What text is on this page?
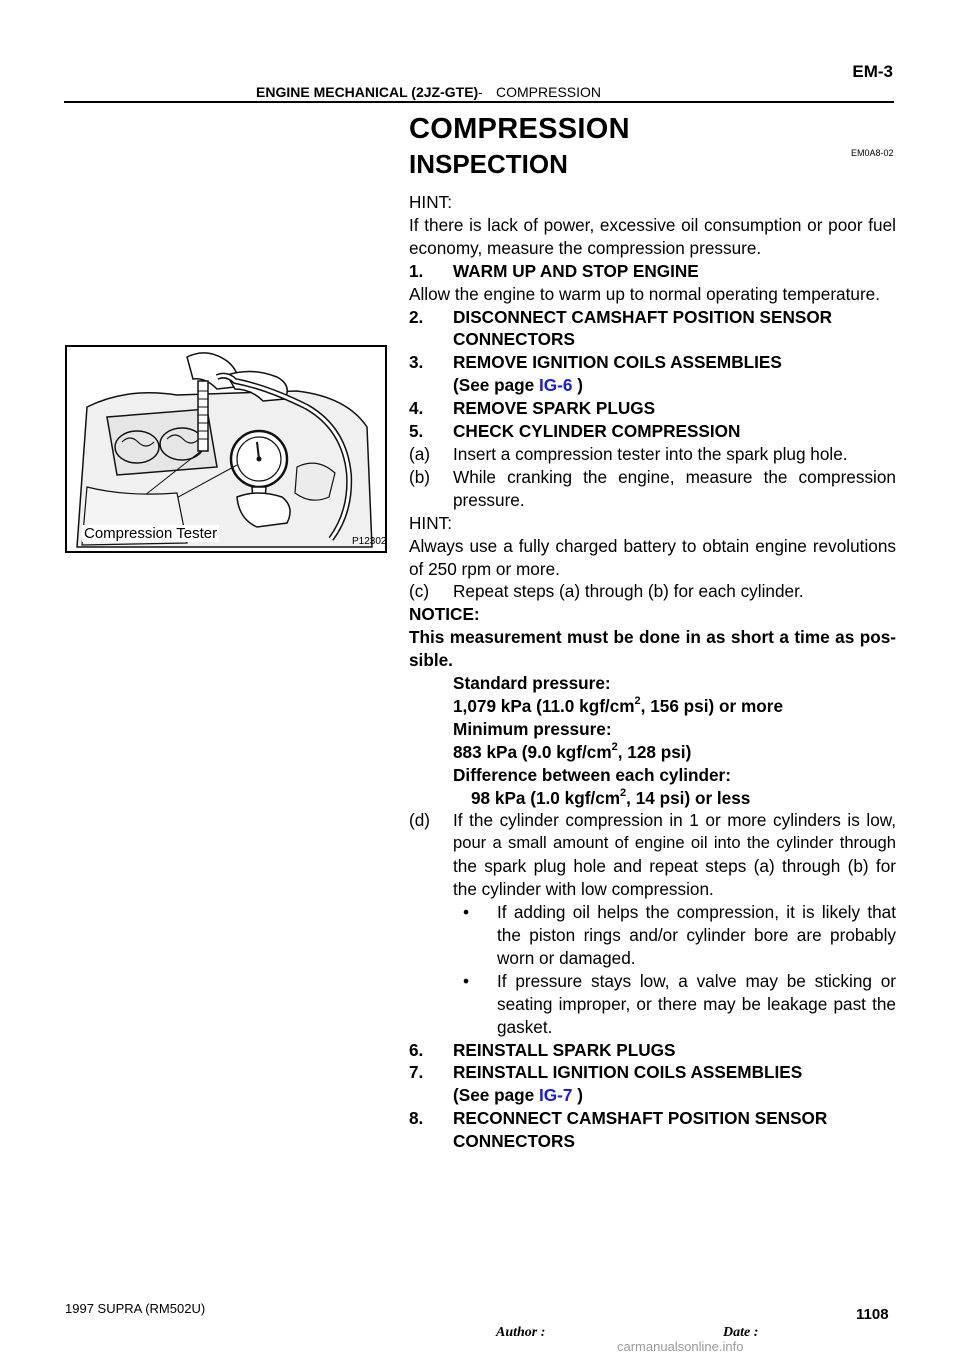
ENGINE MECHANICAL (2JZ-GTE) - COMPRESSION
EM-3
COMPRESSION
EM0A8-02
INSPECTION
Compression Tester	P12302
HINT:
If there is lack of power, excessive oil consumption or poor fuel
economy, measure the compression pressure.
1. WARM UP AND STOP ENGINE
Allow the engine to warm up to normal operating temperature.
2. DISCONNECT CAMSHAFT POSITION SENSOR
CONNECTORS
3. REMOVE IGNITION COILS ASSEMBLIES
(See page IG-6 )
4. REMOVE SPARK PLUGS
5. CHECK CYLINDER COMPRESSION
(a)	Insert a compression tester into the spark plug hole.
(b)	While cranking the engine, measure the compression
pressure.
HINT:
Always use a fully charged battery to obtain engine revolutions
of 250 rpm or more.
(c)	Repeat steps (a) through (b) for each cylinder.
NOTICE:
This measurement must be done in as short a time as pos-
sible.
Standard pressure:
1,079 kPa (11.0 kgf/$cm^2$, 156 psi) or more
Minimum pressure:
883 kPa (9.0 kgf/$cm^2$, 128 psi)
Difference between each cylinder:
98 kPa (1.0 kgf/$cm^2$, 14 psi) or less
(d)	If the cylinder compression in 1 or more cylinders is low,
pour a small amount of engine oil into the cylinder through
the spark plug hole and repeat steps (a) through (b) for
the cylinder with low compression.
•	If adding oil helps the compression, it is likely that
the piston rings and/or cylinder bore are probably
worn or damaged.
•	If pressure stays low, a valve may be sticking or
seating improper, or there may be leakage past the
gasket.
6. REINSTALL SPARK PLUGS
7. REINSTALL IGNITION COILS ASSEMBLIES
(See page IG-7 )
8. RECONNECT CAMSHAFT POSITION SENSOR
CONNECTORS
1997 SUPRA (RM502U)
Author :	Date :
1108
carmanualsonline.info
